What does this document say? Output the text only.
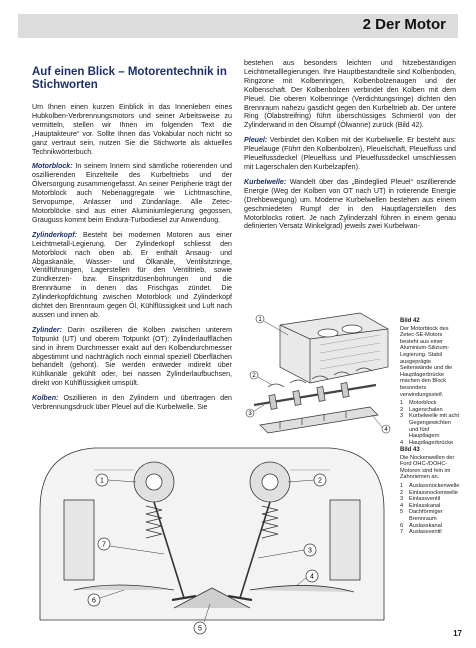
2 Der Motor
Auf einen Blick – Motorentechnik in Stichworten

Um Ihnen einen kurzen Einblick in das Innenleben eines Hubkolben-Verbrennungsmotors und seiner Arbeitsweise zu vermitteln, stellen wir Ihnen im folgenden Text die „Hauptakteure“ vor. Sollte Ihnen das Vokabular noch nicht so ganz vertraut sein, nutzen Sie die Stichworte als aktuelles Technikwörterbuch.

Motorblock: In seinem Innern sind sämtliche rotierenden und oszillierenden Einzelteile des Kurbeltriebs und der Ölversorgung zusammengefasst. An seiner Peripherie trägt der Motorblock auch Nebenaggregate wie Lichtmaschine, Servopumpe, Anlasser und Zündanlage. Alle Zetec-Motorblöcke sind aus einer Aluminiumlegierung gegossen, Grauguss kommt beim Endura-Turbodiesel zur Anwendung.

Zylinderkopf: Besteht bei modernen Motoren aus einer Leichtmetall-Legierung. Der Zylinderkopf schliesst den Motorblock nach oben ab. Er enthält Ansaug- und Abgaskanäle, Wasser- und Ölkanäle, Ventilsitzringe, Ventilführungen, Lagerstellen für den Ventiltrieb, sowie Zündkerzen- bzw. Einspritzdüsenbohrungen und die Brennräume in denen das Frischgas zündet. Die Zylinderkopfdichtung zwischen Motorblock und Zylinderkopf dichtet den Brennraum gegen Öl, Kühlflüssigkeit und Luft nach aussen und innen ab.

Zylinder: Darin oszillieren die Kolben zwischen unterem Totpunkt (UT) und oberem Totpunkt (OT): Zylinderlaufflächen sind in ihrem Durchmesser exakt auf den Kolbendurchmesser abgestimmt und nachträglich noch einmal speziell Oberflächen behandelt (gehont). Sie werden entweder indirekt über Kühlkanäle gekühlt oder, bei nassen Zylinderlaufbuchsen, direkt von Kühlflüssigkeit umspült.

Kolben: Oszillieren in den Zylindern und übertragen den Verbrennungsdruck über Pleuel auf die Kurbelwelle. Sie

bestehen aus besonders leichten und hitzebeständigen Leichtmetalllegierungen. Ihre Hauptbestandteile sind Kolbenboden, Ringzone mit Kolbenringen, Kolbenbolzenaugen und der Kolbenschaft. Der Kolbenbolzen verbindet den Kolben mit dem Pleuel. Die oberen Kolbenringe (Verdichtungsringe) dichten den Brennraum nahezu gasdicht gegen den Kurbeltrieb ab. Der untere Ring (Ölabstreifring) führt überschüssiges Schmieröl von der Zylinderwand in den Ölsumpf (Ölwanne) zurück (Bild 42).

Pleuel: Verbindet den Kolben mit der Kurbelwelle. Er besteht aus: Pleuelauge (Führt den Kolbenbolzen), Pleuelschaft, Pleuelfuss und Pleuelfussdeckel (Pleuelfuss und Pleuelfussdeckel umschliessen mit Lagerschalen den Kurbelzapfen).

Kurbelwelle: Wandelt über das „Bindeglied Pleuel“ oszillierende Energie (Weg der Kolben von OT nach UT) in rotierende Energie (Drehbewegung) um. Moderne Kurbelwellen bestehen aus einem geschmiedeten Rumpf der in den Hauptlagerstellen des Motorblocks rotiert. Je nach Zylinderzahl führen in einem genau definierten Versatz Winkelgrad) jeweils zwei Kurbelwan-

1
2
3
4
Bild 42
Der Motorblock des Zetec-SE-Motors besteht aus einer Aluminium-Silizium-Legierung. Stabil ausgeprägte Seitenwände und die Hauptlagerbrücke machen den Block besonders verwindungssteif.
1	Motorblock
2	Lagerschalen
3	Kurbelwelle mit acht Gegengewichten und fünf Hauptlagern
4	Hauptlagerbrücke
1	2
3
4
5
6
7
Bild 43
Die Nockenwellen der Ford OHC-/DOHC-Motoren sind fein im Zahnriemen an.
1	Auslassnockenwelle
2	Einlassnockenwelle
3	Einlassventil
4	Einlasskanal
5	Dachförmiger Brennraum
6	Auslasskanal
7	Auslassventil
17
